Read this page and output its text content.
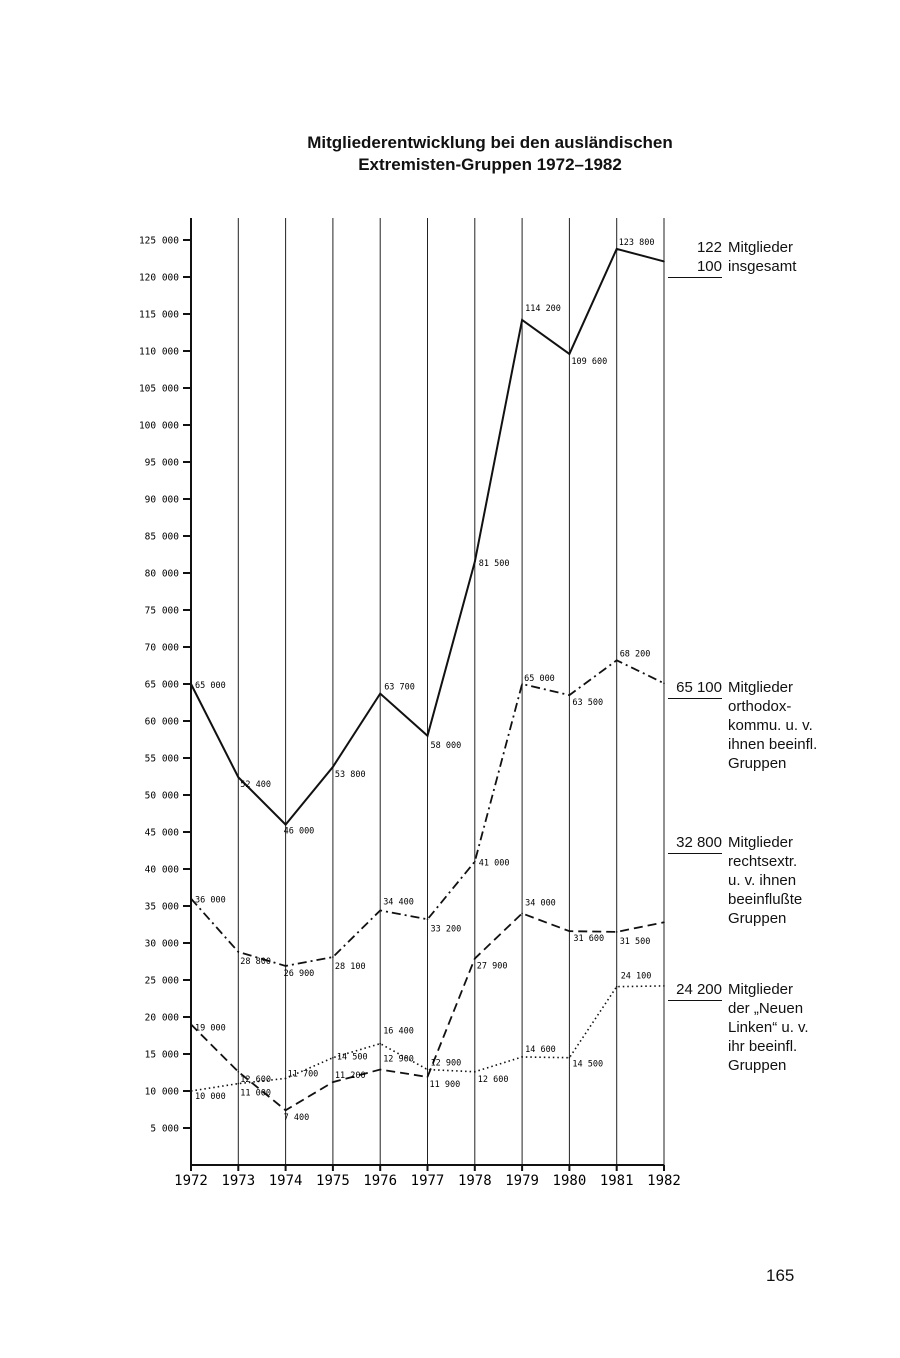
Mitgliederentwicklung bei den ausländischen
Extremisten-Gruppen 1972–1982
5 000
10 000
15 000
20 000
25 000
30 000
35 000
40 000
45 000
50 000
55 000
60 000
65 000
70 000
75 000
80 000
85 000
90 000
95 000
100 000
105 000
110 000
115 000
120 000
125 000
1972 1973 1974 1975 1976 1977 1978 1979 1980 1981 1982
65 000
52 400
46 000
53 800
63 700
58 000
81 500
114 200
109 600
123 800
36 000
28 800
26 900
28 100
34 400
33 200
41 000
65 000
63 500
68 200
19 000
12 600
7 400
11 200
12 900
11 900
27 900
34 000
31 600 31 500
10 000 11 000
11 700
14 500
16 400
12 900
12 600
14 600
14 500
24 100
122 100
Mitglieder
insgesamt
65 100 Mitglieder
orthodox-
kommu. u. v.
ihnen beeinfl.
Gruppen
32 800 Mitglieder
rechtsextr.
u. v. ihnen
beeinflußte
Gruppen
24 200 Mitglieder
der „Neuen
Linken“ u. v.
ihr beeinfl.
Gruppen
165
